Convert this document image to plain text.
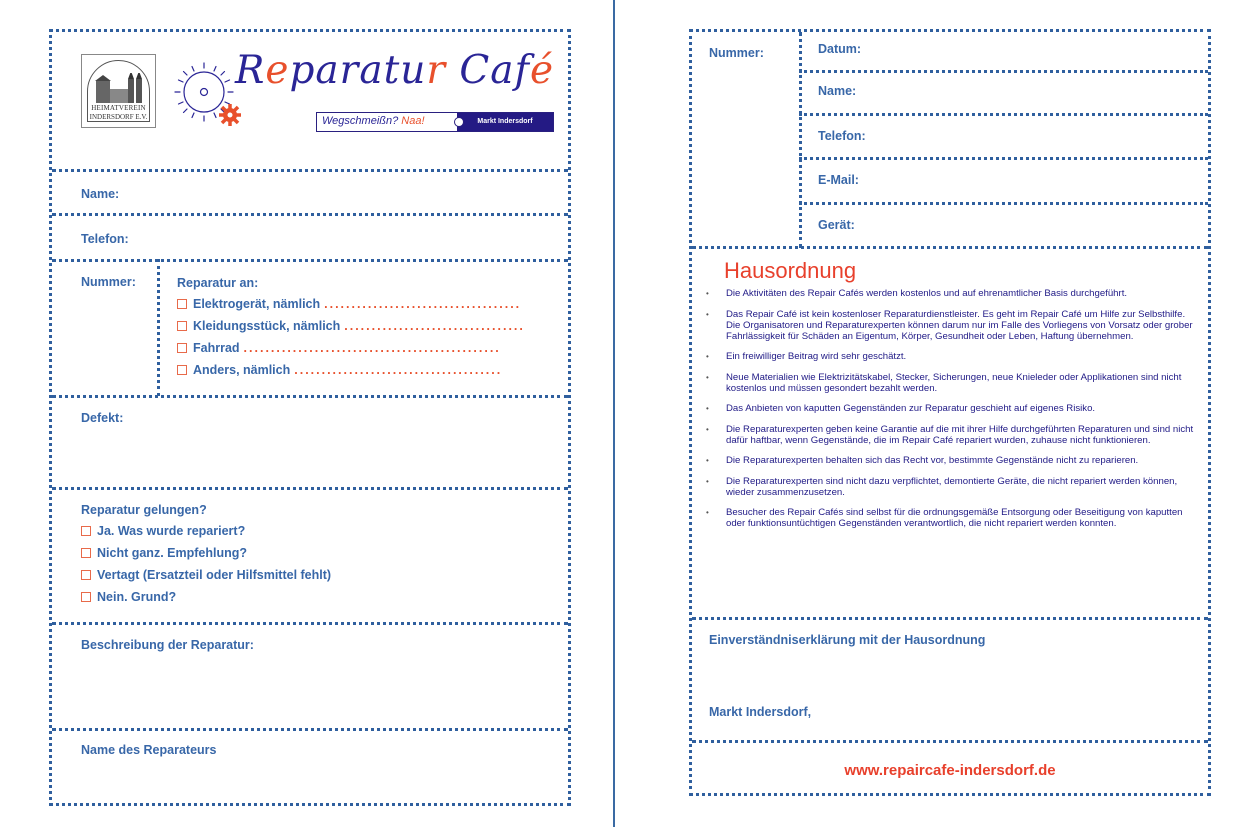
HEIMATVEREIN
INDERSDORF E.V.
Reparatur Café
Wegschmeißn? Naa!	Markt Indersdorf
Name:
Telefon:
Nummer:	Reparatur an:
Elektrogerät, nämlich ....................................
Kleidungsstück, nämlich .................................
Fahrrad ...............................................
Anders, nämlich ......................................
Defekt:
Reparatur gelungen?
Ja. Was wurde repariert?
Nicht ganz. Empfehlung?
Vertagt (Ersatzteil oder Hilfsmittel fehlt)
Nein. Grund?
Beschreibung der Reparatur:
Name des Reparateurs
Nummer:	Datum:
Name:
Telefon:
E-Mail:
Gerät:
Hausordnung
• Die Aktivitäten des Repair Cafés werden kostenlos und auf ehrenamtlicher Basis durchgeführt.
• Das Repair Café ist kein kostenloser Reparaturdienstleister. Es geht im Repair Café um Hilfe zur Selbsthilfe. Die Organisatoren und Reparaturexperten können darum nur im Falle des Vorliegens von Vorsatz oder grober Fahrlässigkeit für Schäden an Eigentum, Körper, Gesundheit oder Leben, Haftung übernehmen.
• Ein freiwilliger Beitrag wird sehr geschätzt.
• Neue Materialien wie Elektrizitätskabel, Stecker, Sicherungen, neue Knieleder oder Applikationen sind nicht kostenlos und müssen gesondert bezahlt werden.
• Das Anbieten von kaputten Gegenständen zur Reparatur geschieht auf eigenes Risiko.
• Die Reparaturexperten geben keine Garantie auf die mit ihrer Hilfe durchgeführten Reparaturen und sind nicht dafür haftbar, wenn Gegenstände, die im Repair Café repariert wurden, zuhause nicht funktionieren.
• Die Reparaturexperten behalten sich das Recht vor, bestimmte Gegenstände nicht zu reparieren.
• Die Reparaturexperten sind nicht dazu verpflichtet, demontierte Geräte, die nicht repariert werden können, wieder zusammenzusetzen.
• Besucher des Repair Cafés sind selbst für die ordnungsgemäße Entsorgung oder Beseitigung von kaputten oder funktionsuntüchtigen Gegenständen verantwortlich, die nicht repariert werden konnten.
Einverständniserklärung mit der Hausordnung
Markt Indersdorf,
www.repaircafe-indersdorf.de
